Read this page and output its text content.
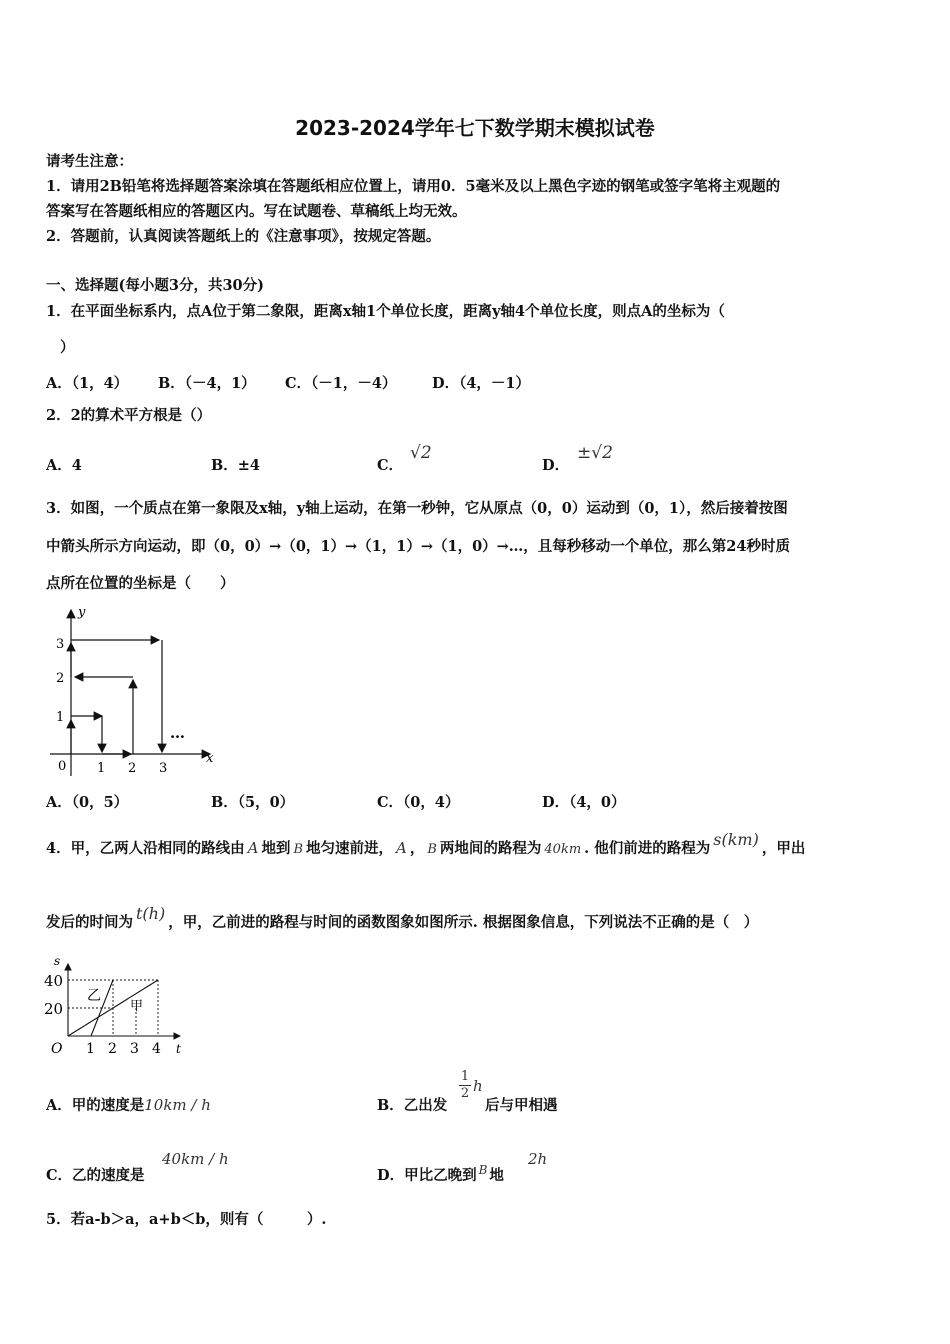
2023-2024学年七下数学期末模拟试卷
请考生注意：
1．请用2B铅笔将选择题答案涂填在答题纸相应位置上，请用0．5毫米及以上黑色字迹的钢笔或签字笔将主观题的
答案写在答题纸相应的答题区内。写在试题卷、草稿纸上均无效。
2．答题前，认真阅读答题纸上的《注意事项》，按规定答题。
一、选择题(每小题3分，共30分)
1．在平面坐标系内，点A位于第二象限，距离x轴1个单位长度，距离y轴4个单位长度，则点A的坐标为（
）
A．（1，4） B．（－4，1） C．（－1，－4） D．（4，－1）
2．2的算术平方根是（）
A．4	B．±4	C．
√2
D．
±√2
3．如图，一个质点在第一象限及x轴，y轴上运动，在第一秒钟，它从原点（0，0）运动到（0，1），然后接着按图
中箭头所示方向运动，即（0，0）→（0，1）→（1，1）→（1，0）→…，且每秒移动一个单位，那么第24秒时质
点所在位置的坐标是（　　）
y
x
0 1 2 3
1
2
3
…
A．（0，5）	B．（5，0）	C．（0，4）	D．（4，0）
4．甲，乙两人沿相同的路线由 A 地到 B 地匀速前进， A ， B 两地间的路程为 40km . 他们前进的路程为 s(km) ，甲出
发后的时间为 t(h) ，甲，乙前进的路程与时间的函数图象如图所示. 根据图象信息，下列说法不正确的是（　）
s
t
O
40
20
1 2 3 4
乙
甲
A．甲的速度是10km / h	B．乙出发
$\frac{1}{2}$ h
后与甲相遇
C．乙的速度是
40km / h
D．甲比乙晚到 $^B$ 地
2h
5．若a-b＞a，a+b＜b，则有（　　　）.
